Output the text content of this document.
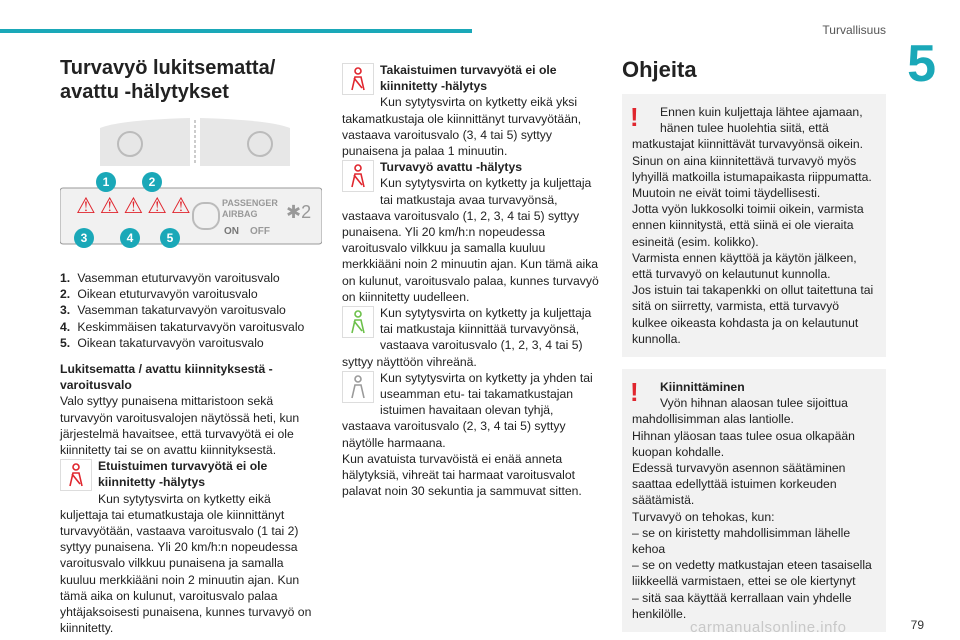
Turvallisuus
5
Turvavyö lukitsematta/ avattu -hälytykset
1	2
3	4	5
⚠⚠⚠⚠⚠	PASSENGER AIRBAG
ON OFF
✱2

1. Vasemman etuturvavyön varoitusvalo

2. Oikean etuturvavyön varoitusvalo

3. Vasemman takaturvavyön varoitusvalo

4. Keskimmäisen takaturvavyön varoitusvalo

5. Oikean takaturvavyön varoitusvalo

Lukitsematta / avattu kiinnityksestä -varoitusvalo

Valo syttyy punaisena mittaristoon sekä turvavyön varoitusvalojen näytössä heti, kun järjestelmä havaitsee, että turvavyötä ei ole kiinnitetty tai se on avattu kiinnityksestä.

Etuistuimen turvavyötä ei ole kiinnitetty -hälytys

Kun sytytysvirta on kytketty eikä kuljettaja tai etumatkustaja ole kiinnittänyt turvavyötään, vastaava varoitusvalo (1 tai 2) syttyy punaisena. Yli 20 km/h:n nopeudessa varoitusvalo vilkkuu punaisena ja samalla kuuluu merkkiääni noin 2 minuutin ajan. Kun tämä aika on kulunut, varoitusvalo palaa yhtäjaksoisesti punaisena, kunnes turvavyö on kiinnitetty.

Takaistuimen turvavyötä ei ole kiinnitetty -hälytys

Kun sytytysvirta on kytketty eikä yksi takamatkustaja ole kiinnittänyt turvavyötään, vastaava varoitusvalo (3, 4 tai 5) syttyy punaisena ja palaa 1 minuutin.

Turvavyö avattu -hälytys

Kun sytytysvirta on kytketty ja kuljettaja tai matkustaja avaa turvavyönsä, vastaava varoitusvalo (1, 2, 3, 4 tai 5) syttyy punaisena. Yli 20 km/h:n nopeudessa varoitusvalo vilkkuu ja samalla kuuluu merkkiääni noin 2 minuutin ajan. Kun tämä aika on kulunut, varoitusvalo palaa, kunnes turvavyö on kiinnitetty uudelleen.

Kun sytytysvirta on kytketty ja kuljettaja tai matkustaja kiinnittää turvavyönsä, vastaava varoitusvalo (1, 2, 3, 4 tai 5) syttyy näyttöön vihreänä.

Kun sytytysvirta on kytketty ja yhden tai useamman etu- tai takamatkustajan istuimen havaitaan olevan tyhjä, vastaava varoitusvalo (2, 3, 4 tai 5) syttyy näytölle harmaana.

Kun avatuista turvavöistä ei enää anneta hälytyksiä, vihreät tai harmaat varoitusvalot palavat noin 30 sekuntia ja sammuvat sitten.

Ohjeita
!	Ennen kuin kuljettaja lähtee ajamaan, hänen tulee huolehtia siitä, että matkustajat kiinnittävät turvavyönsä oikein.
Sinun on aina kiinnitettävä turvavyö myös lyhyillä matkoilla istumapaikasta riippumatta.
Muutoin ne eivät toimi täydellisesti.
Jotta vyön lukkosolki toimii oikein, varmista ennen kiinnitystä, että siinä ei ole vieraita esineitä (esim. kolikko).
Varmista ennen käyttöä ja käytön jälkeen, että turvavyö on kelautunut kunnolla.
Jos istuin tai takapenkki on ollut taitettuna tai sitä on siirretty, varmista, että turvavyö kulkee oikeasta kohdasta ja on kelautunut kunnolla.

!	Kiinnittäminen

Vyön hihnan alaosan tulee sijoittua mahdollisimman alas lantiolle.
Hihnan yläosan taas tulee osua olkapään kuopan kohdalle.
Edessä turvavyön asennon säätäminen saattaa edellyttää istuimen korkeuden säätämistä.
Turvavyö on tehokas, kun:
– se on kiristetty mahdollisimman lähelle kehoa
– se on vedetty matkustajan eteen tasaisella liikkeellä varmistaen, ettei se ole kiertynyt
– sitä saa käyttää kerrallaan vain yhdelle henkilölle.

79
carmanualsonline.info
